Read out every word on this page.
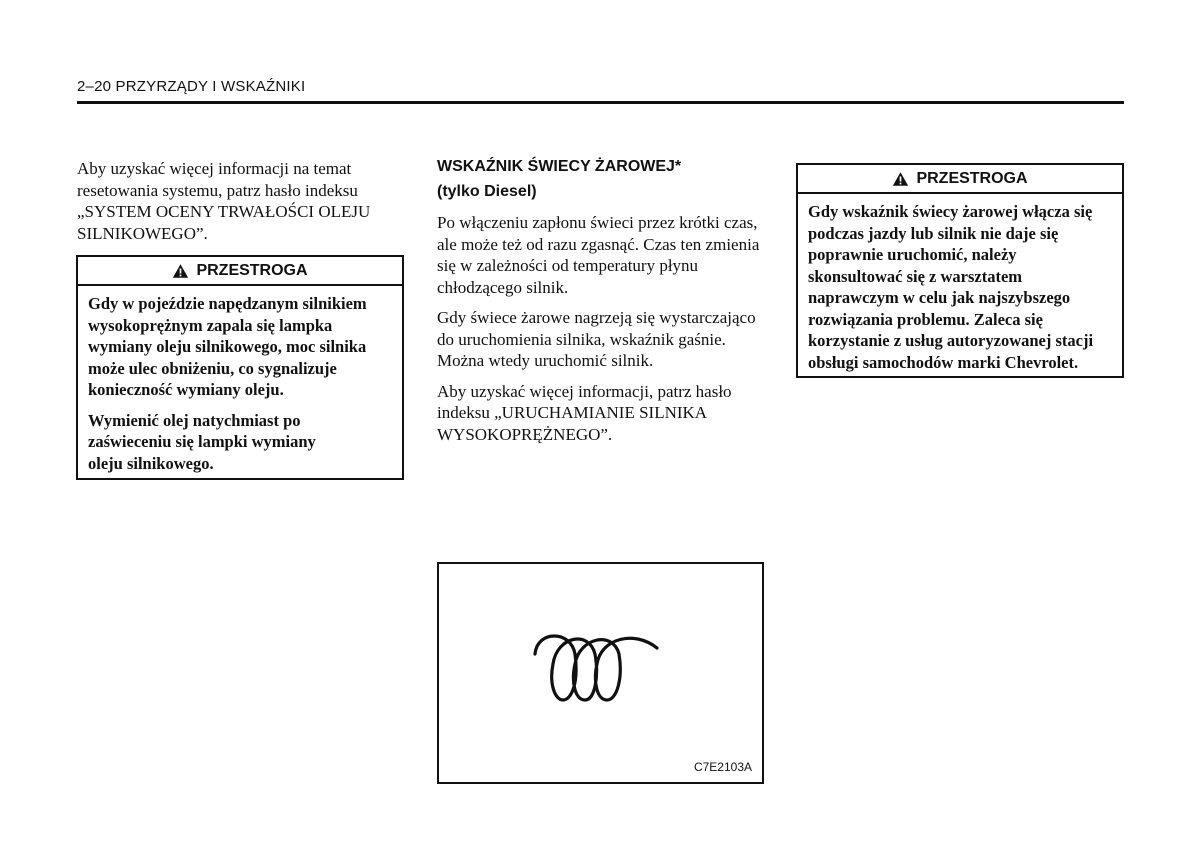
2–20 PRZYRZĄDY I WSKAŹNIKI

Aby uzyskać więcej informacji na temat resetowania systemu, patrz hasło indeksu „SYSTEM OCENY TRWAŁOŚCI OLEJU SILNIKOWEGO”.

PRZESTROGA

Gdy w pojeździe napędzanym silnikiem wysokoprężnym zapala się lampka wymiany oleju silnikowego, moc silnika może ulec obniżeniu, co sygnalizuje konieczność wymiany oleju.

Wymienić olej natychmiast po zaświeceniu się lampki wymiany oleju silnikowego.

WSKAŹNIK ŚWIECY ŻAROWEJ*
(tylko Diesel)

Po włączeniu zapłonu świeci przez krótki czas, ale może też od razu zgasnąć. Czas ten zmienia się w zależności od temperatury płynu chłodzącego silnik.

Gdy świece żarowe nagrzeją się wystarczająco do uruchomienia silnika, wskaźnik gaśnie. Można wtedy uruchomić silnik.

Aby uzyskać więcej informacji, patrz hasło indeksu „URUCHAMIANIE SILNIKA WYSOKOPRĘŻNEGO”.

C7E2103A
PRZESTROGA

Gdy wskaźnik świecy żarowej włącza się podczas jazdy lub silnik nie daje się poprawnie uruchomić, należy skonsultować się z warsztatem naprawczym w celu jak najszybszego rozwiązania problemu. Zaleca się korzystanie z usług autoryzowanej stacji obsługi samochodów marki Chevrolet.
